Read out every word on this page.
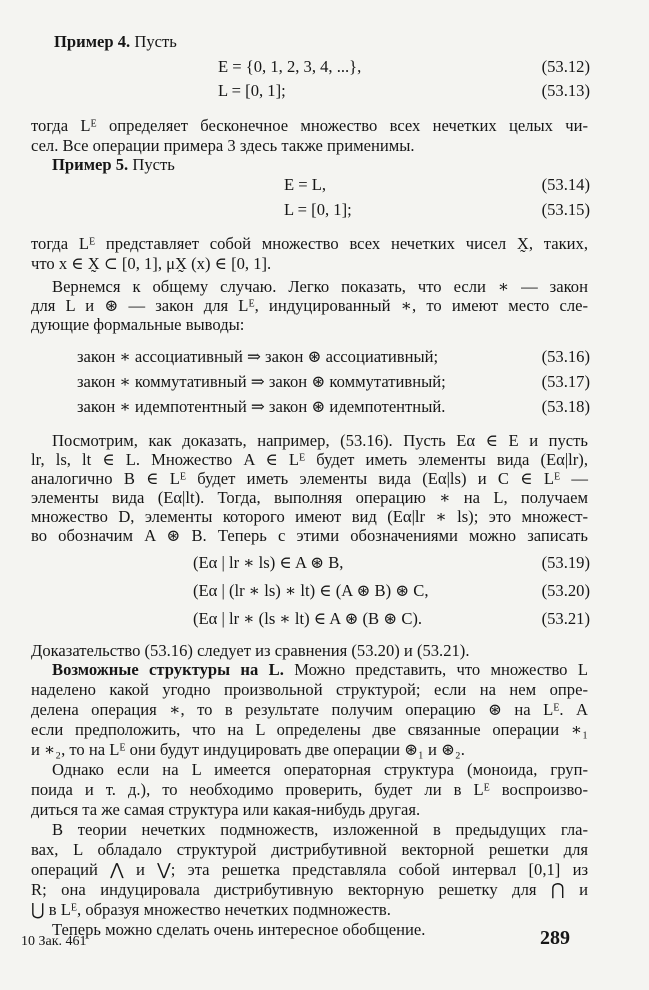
Пример 4. Пусть
E = {0, 1, 2, 3, 4, ...},	(53.12)
L = [0, 1];	(53.13)
тогда Lᴱ определяет бесконечное множество всех нечетких целых чи-
сел. Все операции примера 3 здесь также применимы.
Пример 5. Пусть
E = L,	(53.14)
L = [0, 1];	(53.15)
тогда Lᴱ представляет собой множество всех нечетких чисел X̰, таких,
что x ∈ X̰ ⊂ [0, 1], μX̰ (x) ∈ [0, 1].
Вернемся к общему случаю. Легко показать, что если ∗ — закон
для L и ⊛ — закон для Lᴱ, индуцированный ∗, то имеют место сле-
дующие формальные выводы:
закон ∗ ассоциативный ⇒ закон ⊛ ассоциативный;	(53.16)
закон ∗ коммутативный ⇒ закон ⊛ коммутативный;	(53.17)
закон ∗ идемпотентный ⇒ закон ⊛ идемпотентный.	(53.18)
Посмотрим, как доказать, например, (53.16). Пусть Eα ∈ E и пусть
lr, ls, lt ∈ L. Множество A ∈ Lᴱ будет иметь элементы вида (Eα|lr),
аналогично B ∈ Lᴱ будет иметь элементы вида (Eα|ls) и C ∈ Lᴱ —
элементы вида (Eα|lt). Тогда, выполняя операцию ∗ на L, получаем
множество D, элементы которого имеют вид (Eα|lr ∗ ls); это множест-
во обозначим A ⊛ B. Теперь с этими обозначениями можно записать
(Eα | lr ∗ ls) ∈ A ⊛ B,	(53.19)
(Eα | (lr ∗ ls) ∗ lt) ∈ (A ⊛ B) ⊛ C,	(53.20)
(Eα | lr ∗ (ls ∗ lt) ∈ A ⊛ (B ⊛ C).	(53.21)
Доказательство (53.16) следует из сравнения (53.20) и (53.21).
Возможные структуры на L. Можно представить, что множество L
наделено какой угодно произвольной структурой; если на нем опре-
делена операция ∗, то в результате получим операцию ⊛ на Lᴱ. А
если предположить, что на L определены две связанные операции ∗₁
и ∗₂, то на Lᴱ они будут индуцировать две операции ⊛₁ и ⊛₂.
Однако если на L имеется операторная структура (моноида, груп-
поида и т. д.), то необходимо проверить, будет ли в Lᴱ воспроизво-
диться та же самая структура или какая-нибудь другая.
В теории нечетких подмножеств, изложенной в предыдущих гла-
вах, L обладало структурой дистрибутивной векторной решетки для
операций ⋀ и ⋁; эта решетка представляла собой интервал [0,1] из
R; она индуцировала дистрибутивную векторную решетку для ⋂ и
⋃ в Lᴱ, образуя множество нечетких подмножеств.
Теперь можно сделать очень интересное обобщение.
10 Зак. 461	289
